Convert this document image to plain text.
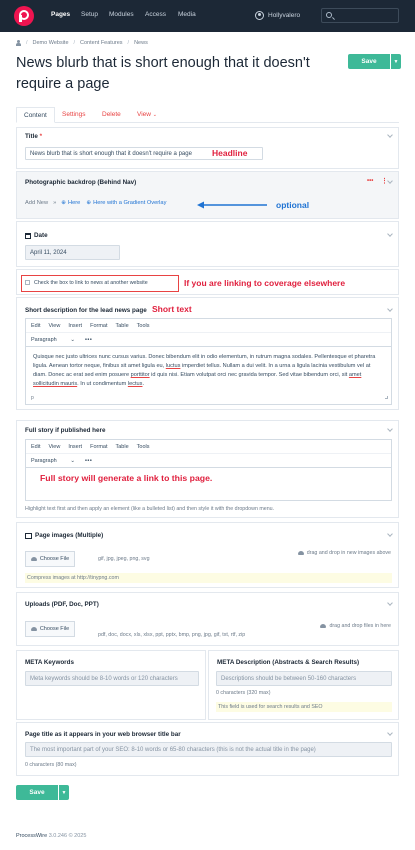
Pages Setup Modules Access Media	Hollyvalero
/ Demo Website / Content Features / News
News blurb that is short enough that it doesn't require a page
Save	▼
Content	Settings	Delete View ⌄
Title *
News blurb that is short enough that it doesn't require a page Headline
Photographic backdrop (Behind Nav)	••• ⋮
Add New » ⊕ Here ⊕ Here with a Gradient Overlay	optional
Date
April 11, 2024
Check the box to link to news at another website	If you are linking to coverage elsewhere
Short description for the lead news page Short text
Edit View Insert Format Table Tools
Paragraph ⌄ •••
Quisque nec justo ultrices nunc cursus varius. Donec bibendum elit in odio elementum, in rutrum magna sodales. Pellentesque et pharetra ligula. Aenean tortor neque, finibus sit amet ligula eu, luctus imperdiet tellus. Nullam a dui velit. In a urna a ligula lacinia vestibulum vel at diam. Donec ac erat sed enim posuere porttitor id quis nisi. Etiam volutpat orci nec gravida tempor. Sed vitae bibendum orci, sit amet sollicitudin mauris. In ut condimentum lectus.
p
Full story if published here
Edit View Insert Format Table Tools
Paragraph ⌄ •••
Full story will generate a link to this page.
Highlight text first and then apply an element (like a bulleted list) and then style it with the dropdown menu.
Page images (Multiple)
Choose File	gif, jpg, jpeg, png, svg
drag and drop in new images above
Compress images at http://tinypng.com
Uploads (PDF, Doc, PPT)
Choose File	drag and drop files in here
pdf, doc, docx, xls, xlsx, ppt, pptx, bmp, png, jpg, gif, txt, rtf, zip
META Keywords
Meta keywords should be 8-10 words or 120 characters
META Description (Abstracts & Search Results)
Descriptions should be between 50-160 characters
0 characters (320 max)
This field is used for search results and SEO
Page title as it appears in your web browser title bar
The most important part of your SEO: 8-10 words or 65-80 characters (this is not the actual title in the page)
0 characters (80 max)
Save	▼
ProcessWire 3.0.246 © 2025
